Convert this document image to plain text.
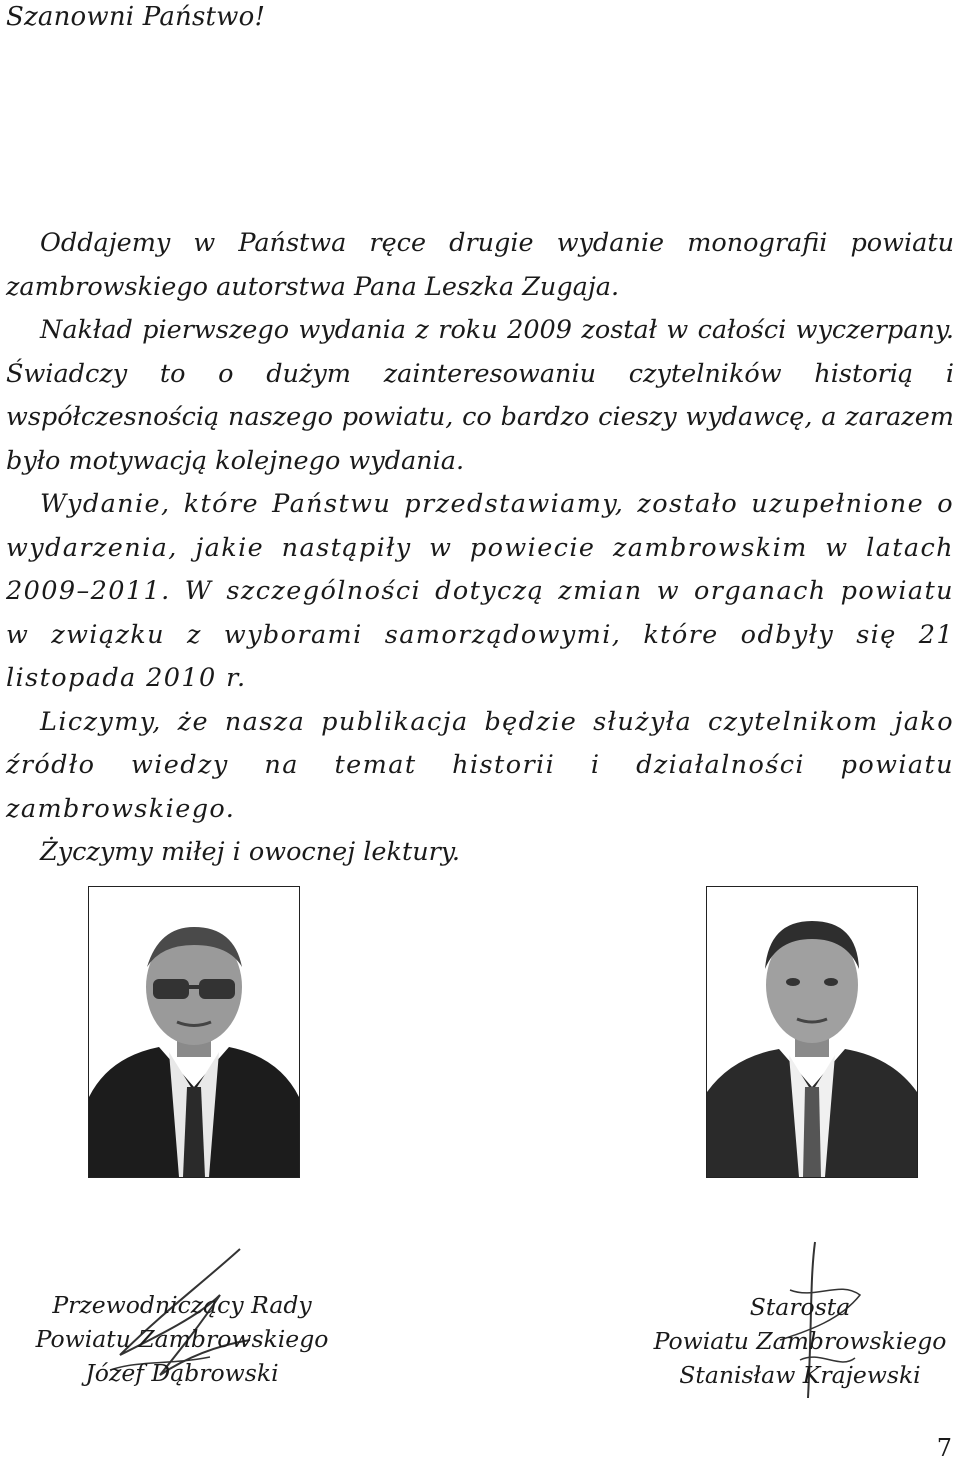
Szanowni Państwo!

Oddajemy w Państwa ręce drugie wydanie monografii powiatu zambrowskiego autorstwa Pana Leszka Zugaja.

Nakład pierwszego wydania z roku 2009 został w całości wyczerpany. Świadczy to o dużym zainteresowaniu czytelników historią i współczesnością naszego powiatu, co bardzo cieszy wydawcę, a zarazem było motywacją kolejnego wydania.

Wydanie, które Państwu przedstawiamy, zostało uzupełnione o wydarzenia, jakie nastąpiły w powiecie zambrowskim w latach 2009–2011. W szczególności dotyczą zmian w organach powiatu w związku z wyborami samorządowymi, które odbyły się 21 listopada 2010 r.

Liczymy, że nasza publikacja będzie służyła czytelnikom jako źródło wiedzy na temat historii i działalności powiatu zambrowskiego.

Życzymy miłej i owocnej lektury.

Przewodniczący Rady
Powiatu Zambrowskiego
Józef Dąbrowski
Starosta
Powiatu Zambrowskiego
Stanisław Krajewski
7
